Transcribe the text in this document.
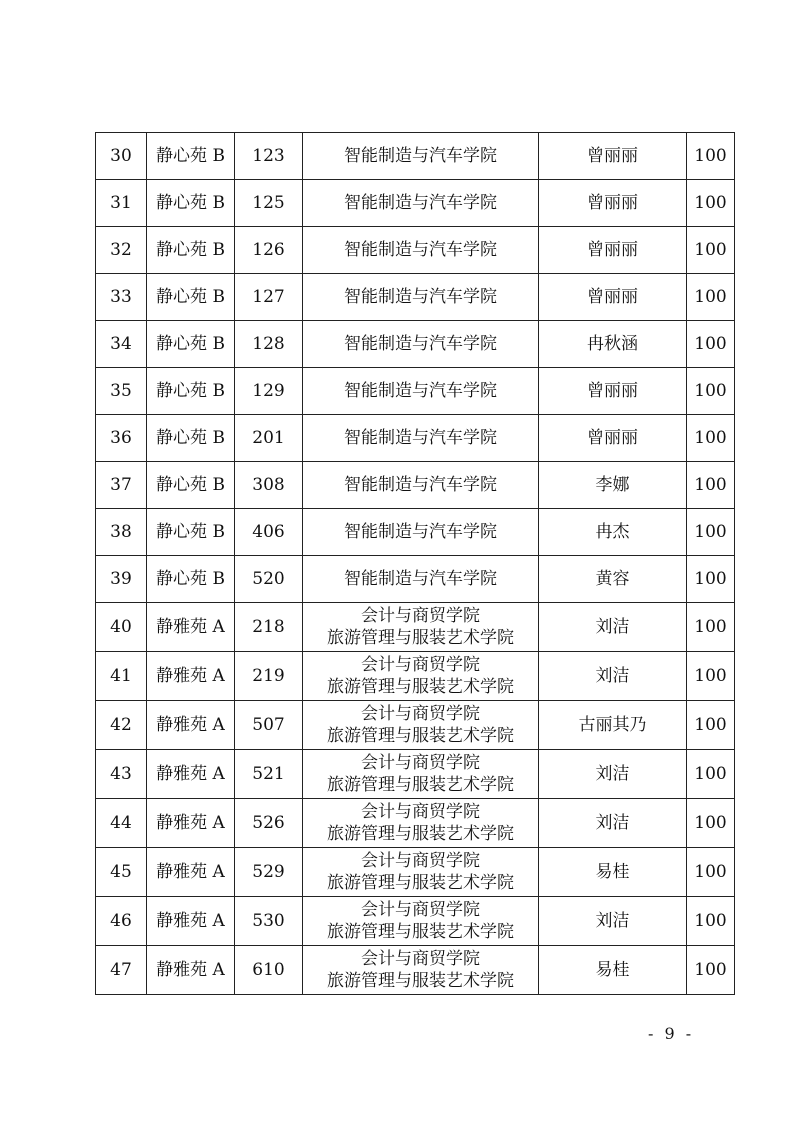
30	静心苑 B	123	智能制造与汽车学院	曾丽丽	100
31	静心苑 B	125	智能制造与汽车学院	曾丽丽	100
32	静心苑 B	126	智能制造与汽车学院	曾丽丽	100
33	静心苑 B	127	智能制造与汽车学院	曾丽丽	100
34	静心苑 B	128	智能制造与汽车学院	冉秋涵	100
35	静心苑 B	129	智能制造与汽车学院	曾丽丽	100
36	静心苑 B	201	智能制造与汽车学院	曾丽丽	100
37	静心苑 B	308	智能制造与汽车学院	李娜	100
38	静心苑 B	406	智能制造与汽车学院	冉杰	100
39	静心苑 B	520	智能制造与汽车学院	黄容	100
40	静雅苑 A	218	会计与商贸学院
旅游管理与服装艺术学院	刘洁	100
41	静雅苑 A	219	会计与商贸学院
旅游管理与服装艺术学院	刘洁	100
42	静雅苑 A	507	会计与商贸学院
旅游管理与服装艺术学院	古丽其乃	100
43	静雅苑 A	521	会计与商贸学院
旅游管理与服装艺术学院	刘洁	100
44	静雅苑 A	526	会计与商贸学院
旅游管理与服装艺术学院	刘洁	100
45	静雅苑 A	529	会计与商贸学院
旅游管理与服装艺术学院	易桂	100
46	静雅苑 A	530	会计与商贸学院
旅游管理与服装艺术学院	刘洁	100
47	静雅苑 A	610	会计与商贸学院
旅游管理与服装艺术学院	易桂	100
- 9 -
